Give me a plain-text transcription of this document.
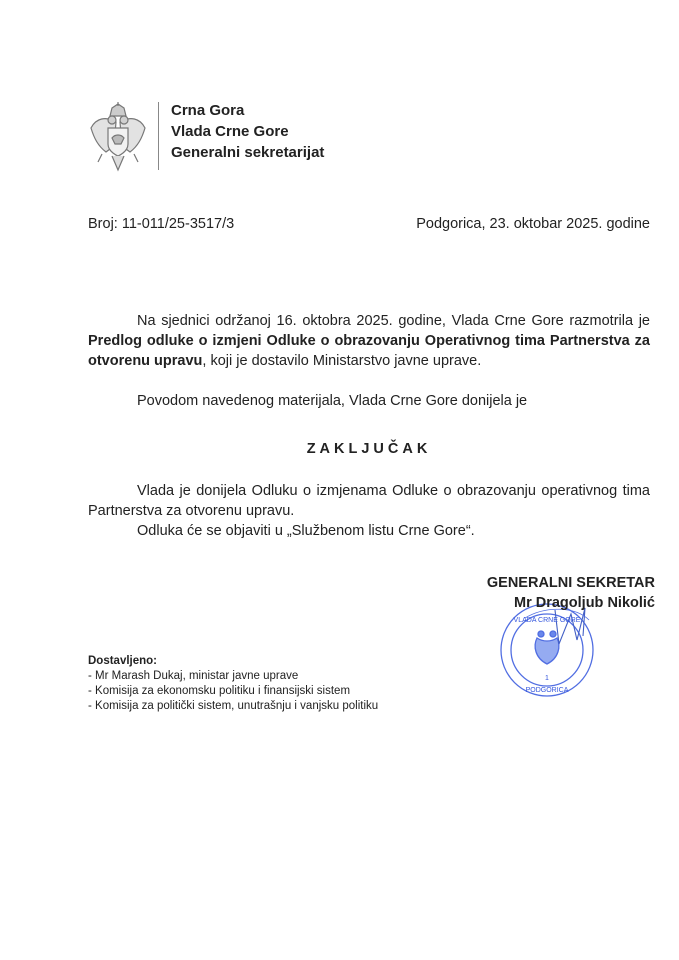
Crna Gora
Vlada Crne Gore
Generalni sekretarijat
Broj: 11-011/25-3517/3	Podgorica, 23. oktobar 2025. godine
Na sjednici održanoj 16. oktobra 2025. godine, Vlada Crne Gore razmotrila je Predlog odluke o izmjeni Odluke o obrazovanju Operativnog tima Partnerstva za otvorenu upravu, koji je dostavilo Ministarstvo javne uprave.
Povodom navedenog materijala, Vlada Crne Gore donijela je
ZAKLJUČAK
Vlada je donijela Odluku o izmjenama Odluke o obrazovanju operativnog tima Partnerstva za otvorenu upravu.
Odluka će se objaviti u „Službenom listu Crne Gore“.
1
PODGORICA
VLADA CRNE GORE
GENERALNI SEKRETAR
Mr Dragoljub Nikolić
Dostavljeno:
- Mr Marash Dukaj, ministar javne uprave
- Komisija za ekonomsku politiku i finansijski sistem
- Komisija za politički sistem, unutrašnju i vanjsku politiku
